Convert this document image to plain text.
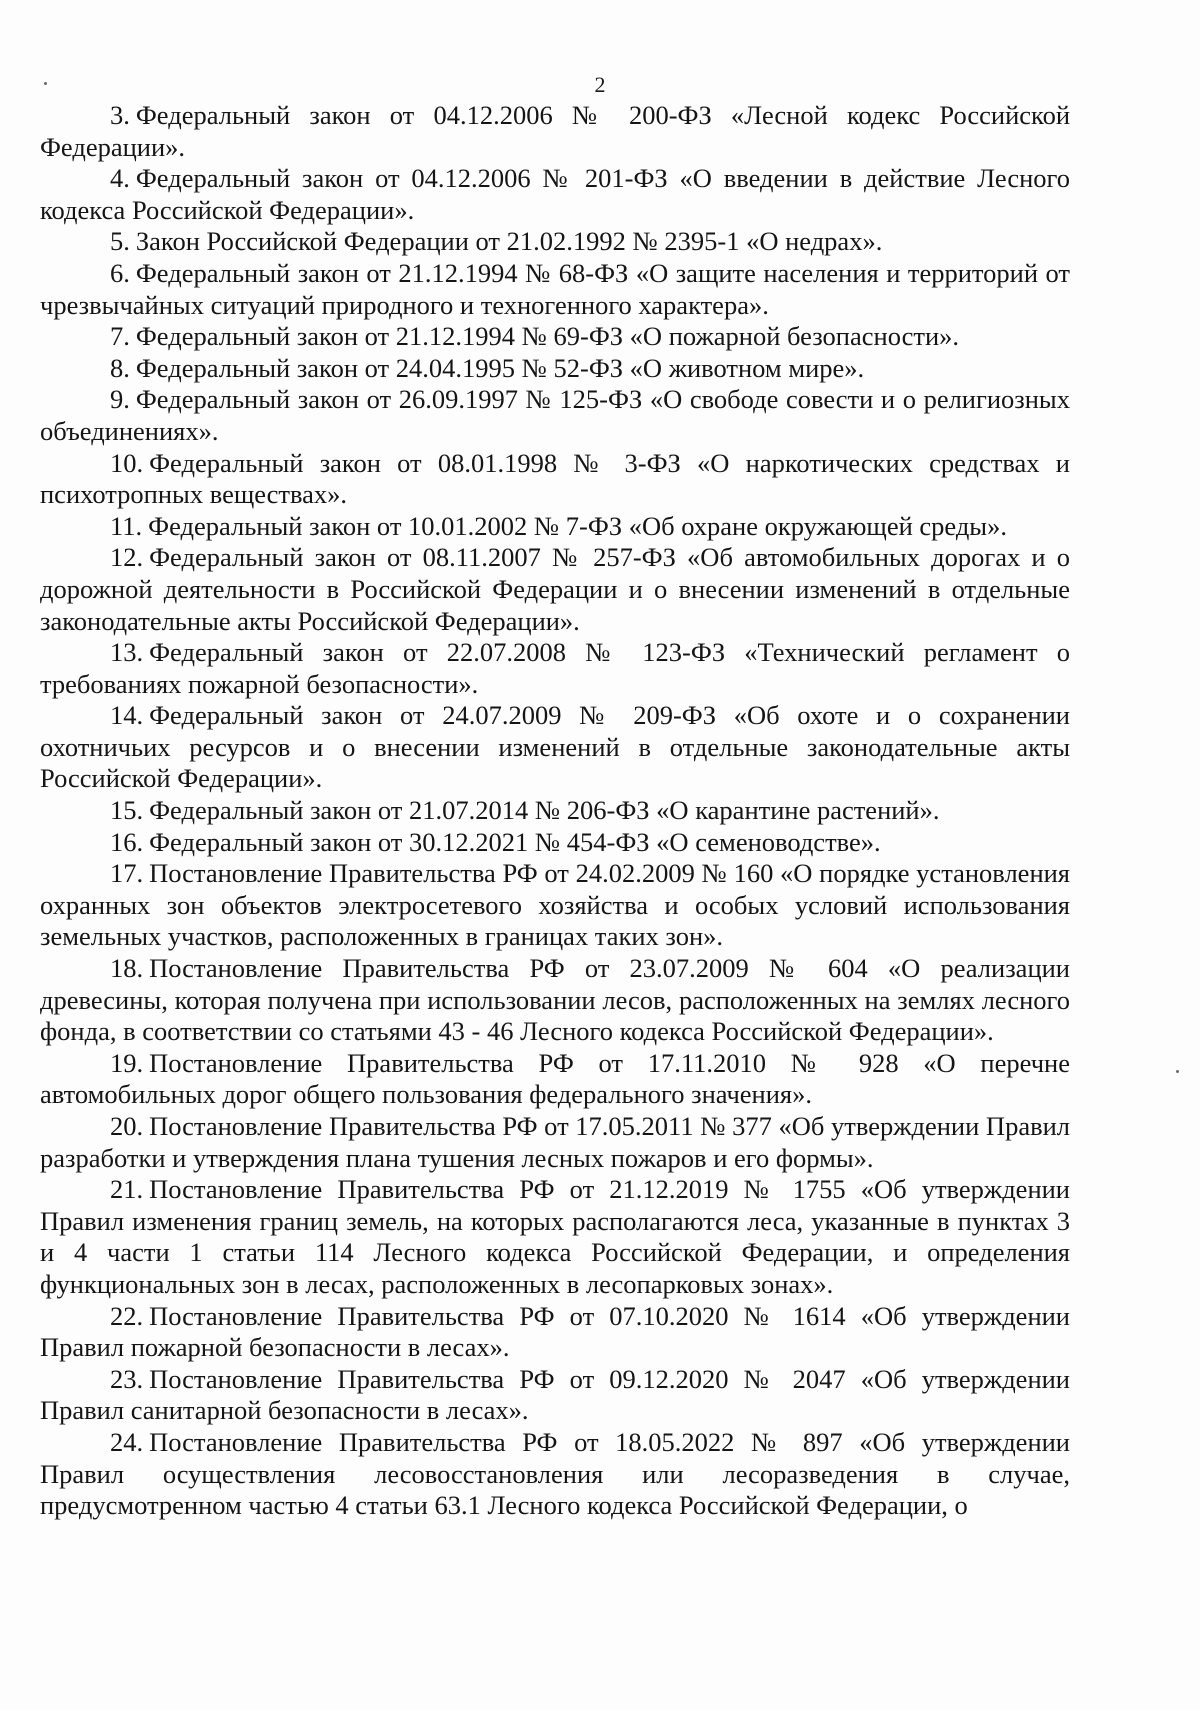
2

3. Федеральный закон от 04.12.2006 № 200-ФЗ «Лесной кодекс Российской Федерации».

4. Федеральный закон от 04.12.2006 № 201-ФЗ «О введении в действие Лесного кодекса Российской Федерации».

5. Закон Российской Федерации от 21.02.1992 № 2395-1 «О недрах».

6. Федеральный закон от 21.12.1994 № 68-ФЗ «О защите населения и территорий от чрезвычайных ситуаций природного и техногенного характера».

7. Федеральный закон от 21.12.1994 № 69-ФЗ «О пожарной безопасности».

8. Федеральный закон от 24.04.1995 № 52-ФЗ «О животном мире».

9. Федеральный закон от 26.09.1997 № 125-ФЗ «О свободе совести и о религиозных объединениях».

10. Федеральный закон от 08.01.1998 № 3-ФЗ «О наркотических средствах и психотропных веществах».

11. Федеральный закон от 10.01.2002 № 7-ФЗ «Об охране окружающей среды».

12. Федеральный закон от 08.11.2007 № 257-ФЗ «Об автомобильных дорогах и о дорожной деятельности в Российской Федерации и о внесении изменений в отдельные законодательные акты Российской Федерации».

13. Федеральный закон от 22.07.2008 № 123-ФЗ «Технический регламент о требованиях пожарной безопасности».

14. Федеральный закон от 24.07.2009 № 209-ФЗ «Об охоте и о сохранении охотничьих ресурсов и о внесении изменений в отдельные законодательные акты Российской Федерации».

15. Федеральный закон от 21.07.2014 № 206-ФЗ «О карантине растений».

16. Федеральный закон от 30.12.2021 № 454-ФЗ «О семеноводстве».

17. Постановление Правительства РФ от 24.02.2009 № 160 «О порядке установления охранных зон объектов электросетевого хозяйства и особых условий использования земельных участков, расположенных в границах таких зон».

18. Постановление Правительства РФ от 23.07.2009 № 604 «О реализации древесины, которая получена при использовании лесов, расположенных на землях лесного фонда, в соответствии со статьями 43 - 46 Лесного кодекса Российской Федерации».

19. Постановление Правительства РФ от 17.11.2010 № 928 «О перечне автомобильных дорог общего пользования федерального значения».

20. Постановление Правительства РФ от 17.05.2011 № 377 «Об утверждении Правил разработки и утверждения плана тушения лесных пожаров и его формы».

21. Постановление Правительства РФ от 21.12.2019 № 1755 «Об утверждении Правил изменения границ земель, на которых располагаются леса, указанные в пунктах 3 и 4 части 1 статьи 114 Лесного кодекса Российской Федерации, и определения функциональных зон в лесах, расположенных в лесопарковых зонах».

22. Постановление Правительства РФ от 07.10.2020 № 1614 «Об утверждении Правил пожарной безопасности в лесах».

23. Постановление Правительства РФ от 09.12.2020 № 2047 «Об утверждении Правил санитарной безопасности в лесах».

24. Постановление Правительства РФ от 18.05.2022 № 897 «Об утверждении Правил осуществления лесовосстановления или лесоразведения в случае, предусмотренном частью 4 статьи 63.1 Лесного кодекса Российской Федерации, о
